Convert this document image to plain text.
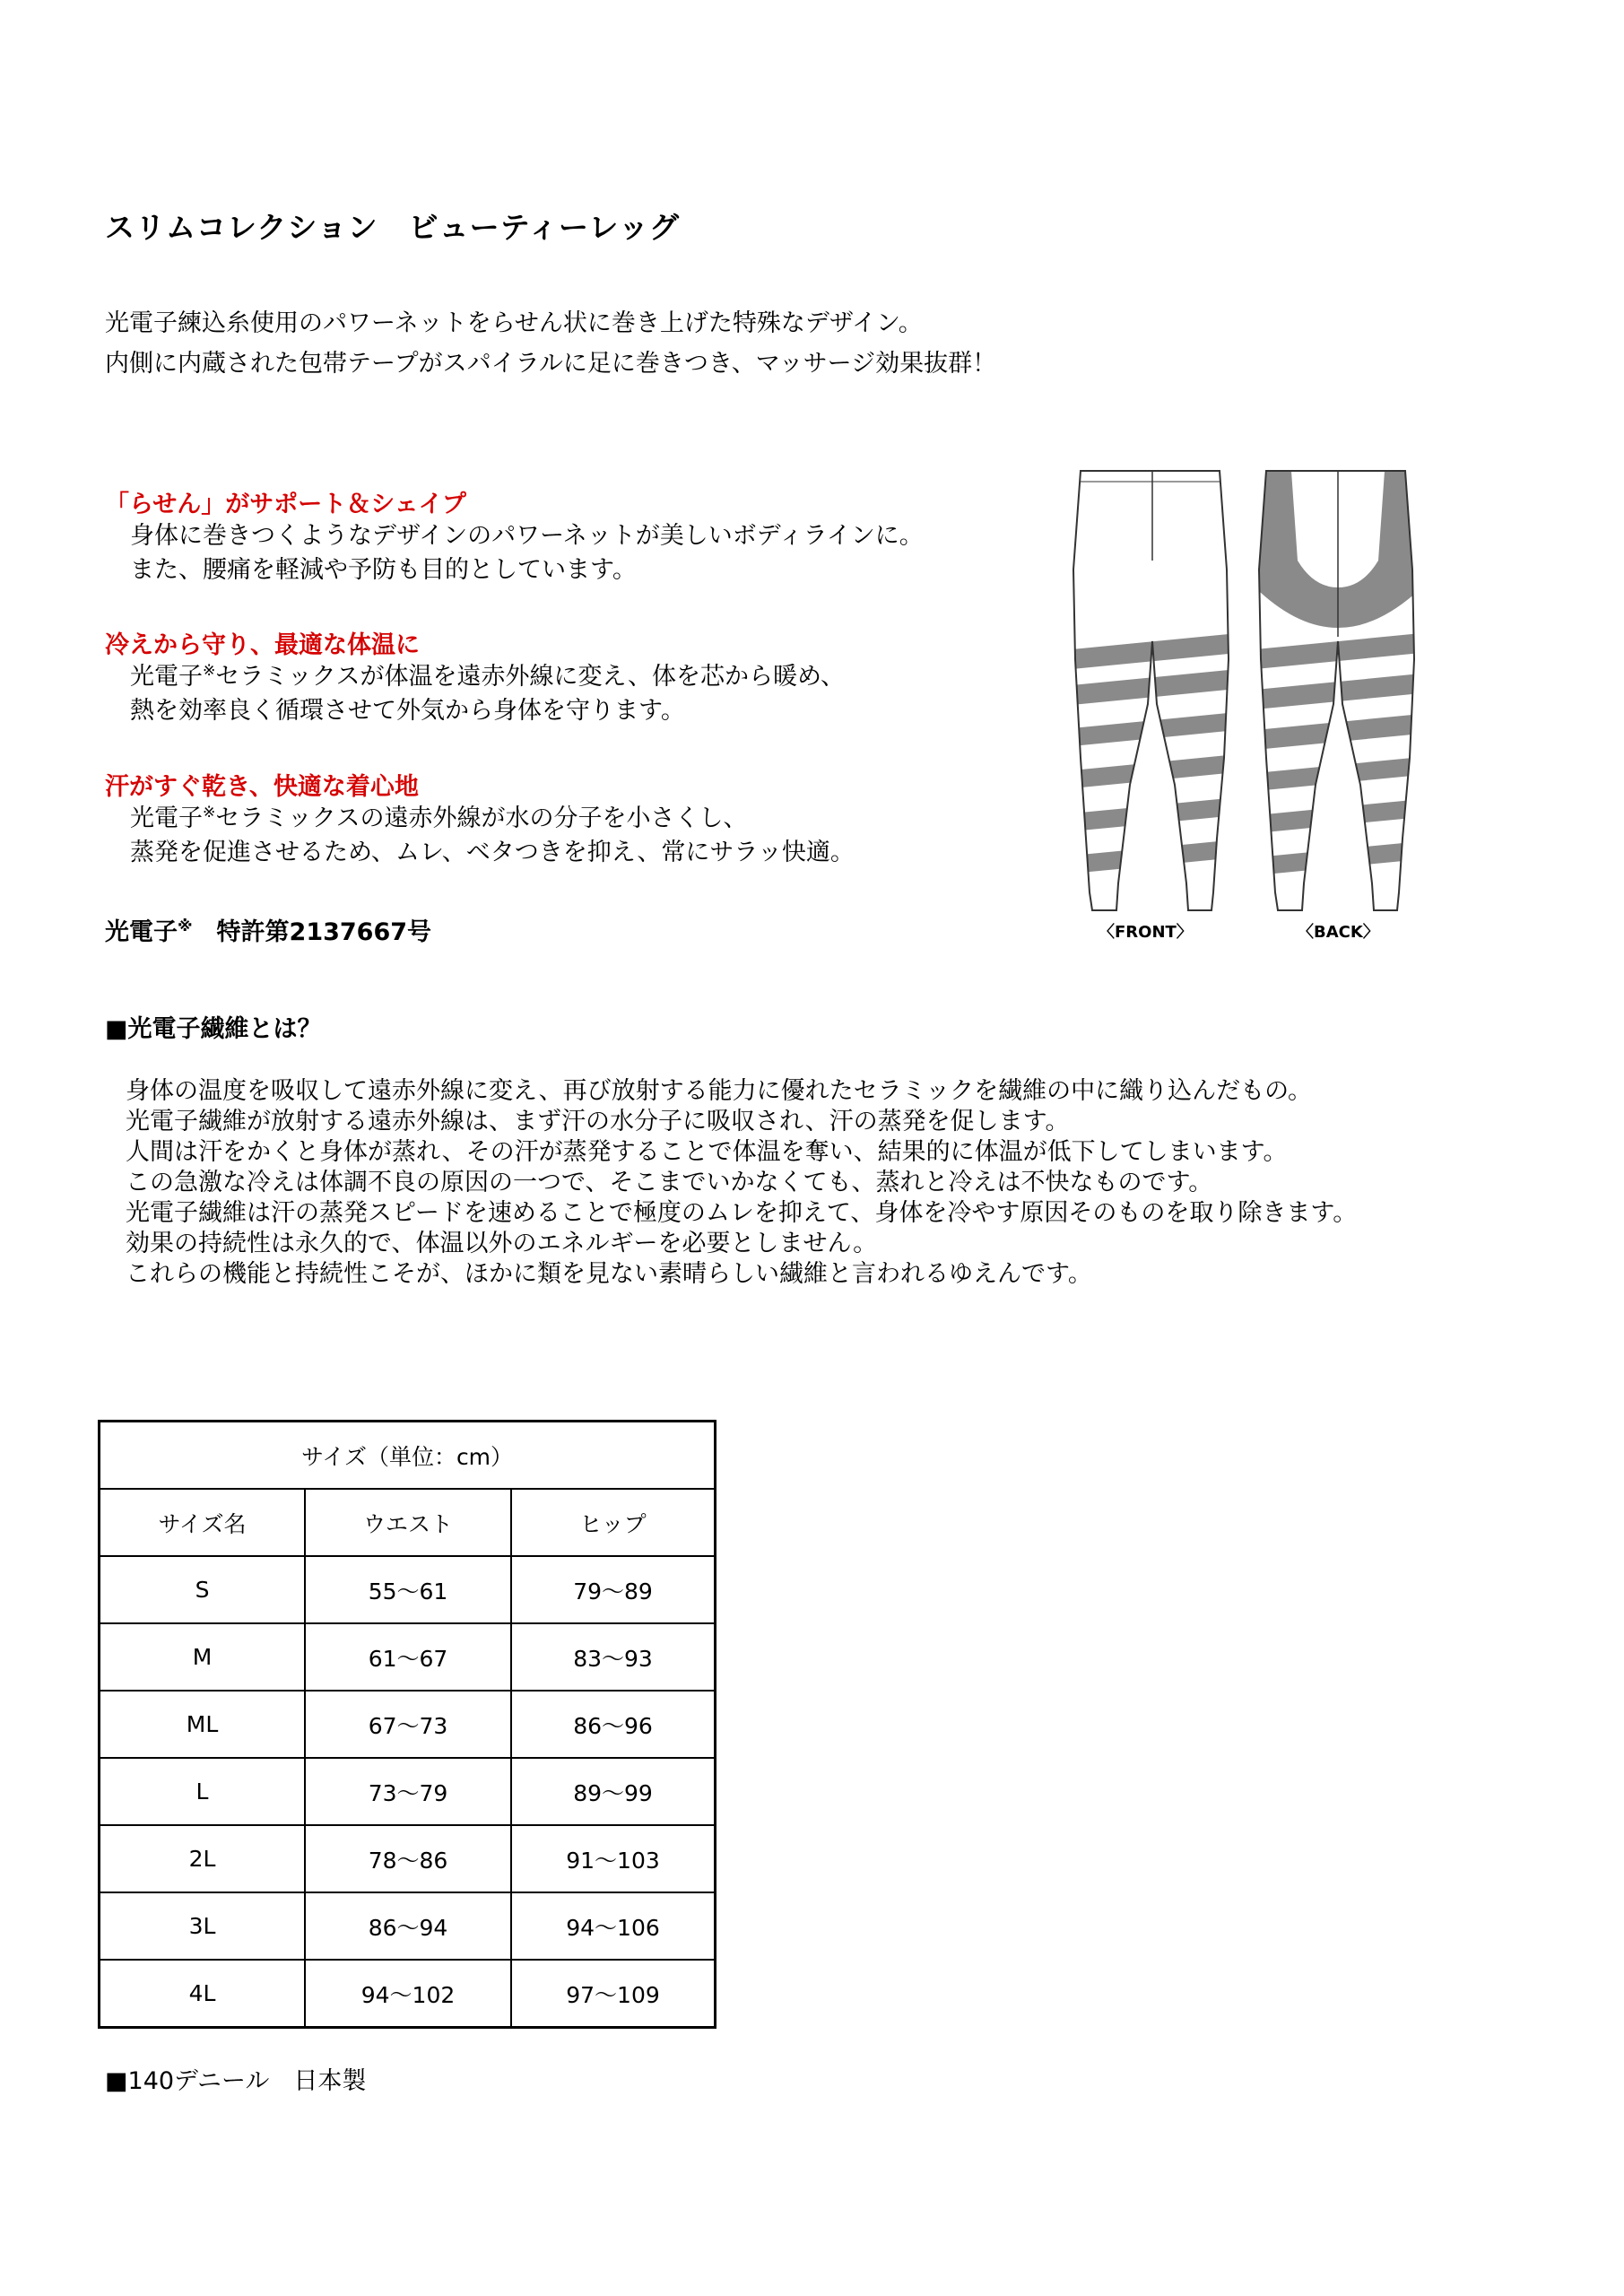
スリムコレクション　ビューティーレッグ
光電子練込糸使用のパワーネットをらせん状に巻き上げた特殊なデザイン。
内側に内蔵された包帯テープがスパイラルに足に巻きつき、マッサージ効果抜群！
「らせん」がサポート＆シェイプ
身体に巻きつくようなデザインのパワーネットが美しいボディラインに。
また、腰痛を軽減や予防も目的としています。
冷えから守り、最適な体温に
光電子※セラミックスが体温を遠赤外線に変え、体を芯から暖め、
熱を効率良く循環させて外気から身体を守ります。
汗がすぐ乾き、快適な着心地
光電子※セラミックスの遠赤外線が水の分子を小さくし、
蒸発を促進させるため、ムレ、ベタつきを抑え、常にサラッ快適。
光電子※　特許第2137667号	〈FRONT〉	〈BACK〉
■光電子繊維とは？
身体の温度を吸収して遠赤外線に変え、再び放射する能力に優れたセラミックを繊維の中に織り込んだもの。
光電子繊維が放射する遠赤外線は、まず汗の水分子に吸収され、汗の蒸発を促します。
人間は汗をかくと身体が蒸れ、その汗が蒸発することで体温を奪い、結果的に体温が低下してしまいます。
この急激な冷えは体調不良の原因の一つで、そこまでいかなくても、蒸れと冷えは不快なものです。
光電子繊維は汗の蒸発スピードを速めることで極度のムレを抑えて、身体を冷やす原因そのものを取り除きます。
効果の持続性は永久的で、体温以外のエネルギーを必要としません。
これらの機能と持続性こそが、ほかに類を見ない素晴らしい繊維と言われるゆえんです。
サイズ（単位：cm）		
サイズ名	ウエスト	ヒップ
S	55～61	79～89
M	61～67	83～93
ML	67～73	86～96
L	73～79	89～99
2L	78～86	91～103
3L	86～94	94～106
4L	94～102	97～109
■140デニール　日本製
